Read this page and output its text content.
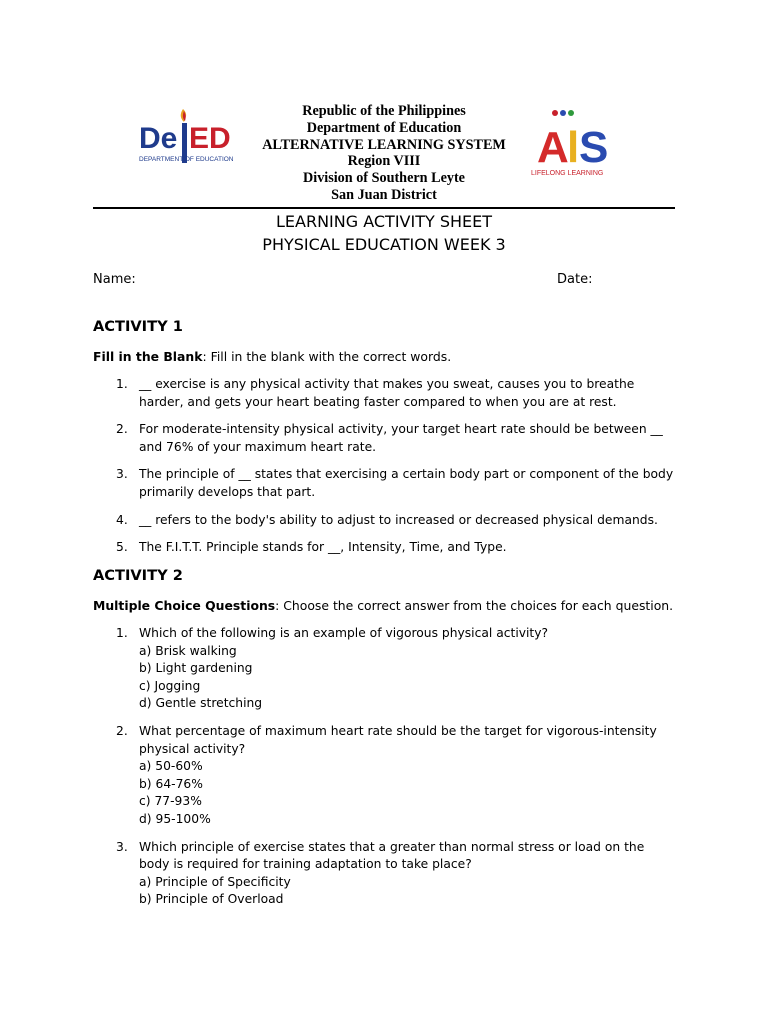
De ED
DEPARTMENT OF EDUCATION
Republic of the Philippines
Department of Education
ALTERNATIVE LEARNING SYSTEM
Region VIII
Division of Southern Leyte
San Juan District
A
l S
LIFELONG LEARNING
LEARNING ACTIVITY SHEET
PHYSICAL EDUCATION WEEK 3
Name:	Date:
ACTIVITY 1
Fill in the Blank: Fill in the blank with the correct words.
1. __ exercise is any physical activity that makes you sweat, causes you to breathe harder, and gets your heart beating faster compared to when you are at rest.
2. For moderate-intensity physical activity, your target heart rate should be between __ and 76% of your maximum heart rate.
3. The principle of __ states that exercising a certain body part or component of the body primarily develops that part.
4. __ refers to the body's ability to adjust to increased or decreased physical demands.
5. The F.I.T.T. Principle stands for __, Intensity, Time, and Type.
ACTIVITY 2
Multiple Choice Questions: Choose the correct answer from the choices for each question.
1. Which of the following is an example of vigorous physical activity?
a) Brisk walking
b) Light gardening
c) Jogging
d) Gentle stretching
2. What percentage of maximum heart rate should be the target for vigorous-intensity physical activity?
a) 50-60%
b) 64-76%
c) 77-93%
d) 95-100%
3. Which principle of exercise states that a greater than normal stress or load on the body is required for training adaptation to take place?
a) Principle of Specificity
b) Principle of Overload
